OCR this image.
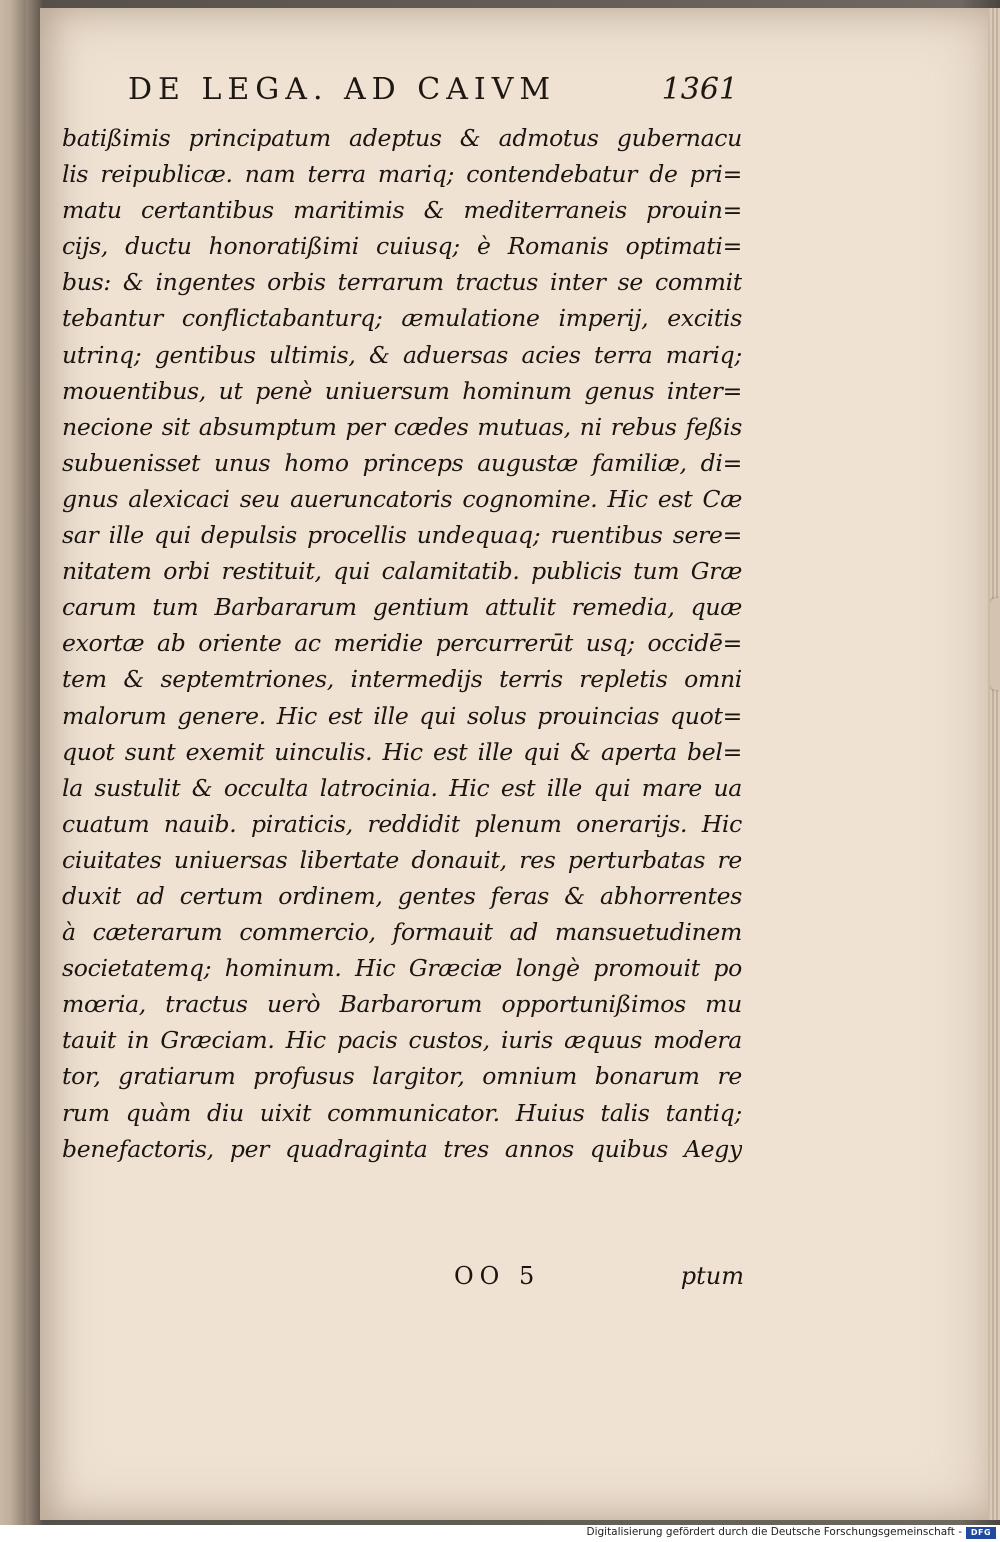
DE LEGA. AD CAIVM	1361
batißimis principatum adeptus & admotus gubernacu
lis reipublicæ. nam terra mariq; contendebatur de pri=
matu certantibus maritimis & mediterraneis prouin=
cijs, ductu honoratißimi cuiusq; è Romanis optimati=
bus: & ingentes orbis terrarum tractus inter se commit
tebantur conflictabanturq; æmulatione imperij, excitis
utrinq; gentibus ultimis, & aduersas acies terra mariq;
mouentibus, ut penè uniuersum hominum genus inter=
necione sit absumptum per cædes mutuas, ni rebus feßis
subuenisset unus homo princeps augustæ familiæ, di=
gnus alexicaci seu aueruncatoris cognomine. Hic est Cæ
sar ille qui depulsis procellis undequaq; ruentibus sere=
nitatem orbi restituit, qui calamitatib. publicis tum Græ
carum tum Barbararum gentium attulit remedia, quæ
exortæ ab oriente ac meridie percurrerūt usq; occidē=
tem & septemtriones, intermedijs terris repletis omni
malorum genere. Hic est ille qui solus prouincias quot=
quot sunt exemit uinculis. Hic est ille qui & aperta bel=
la sustulit & occulta latrocinia. Hic est ille qui mare ua
cuatum nauib. piraticis, reddidit plenum onerarijs. Hic
ciuitates uniuersas libertate donauit, res perturbatas re
duxit ad certum ordinem, gentes feras & abhorrentes
à cæterarum commercio, formauit ad mansuetudinem
societatemq; hominum. Hic Græciæ longè promouit po
mœria, tractus uerò Barbarorum opportunißimos mu
tauit in Græciam. Hic pacis custos, iuris æquus modera
tor, gratiarum profusus largitor, omnium bonarum re
rum quàm diu uixit communicator. Huius talis tantiq;
benefactoris, per quadraginta tres annos quibus Aegy
OO 5	ptum
Digitalisierung gefördert durch die Deutsche Forschungsgemeinschaft -	DFG
